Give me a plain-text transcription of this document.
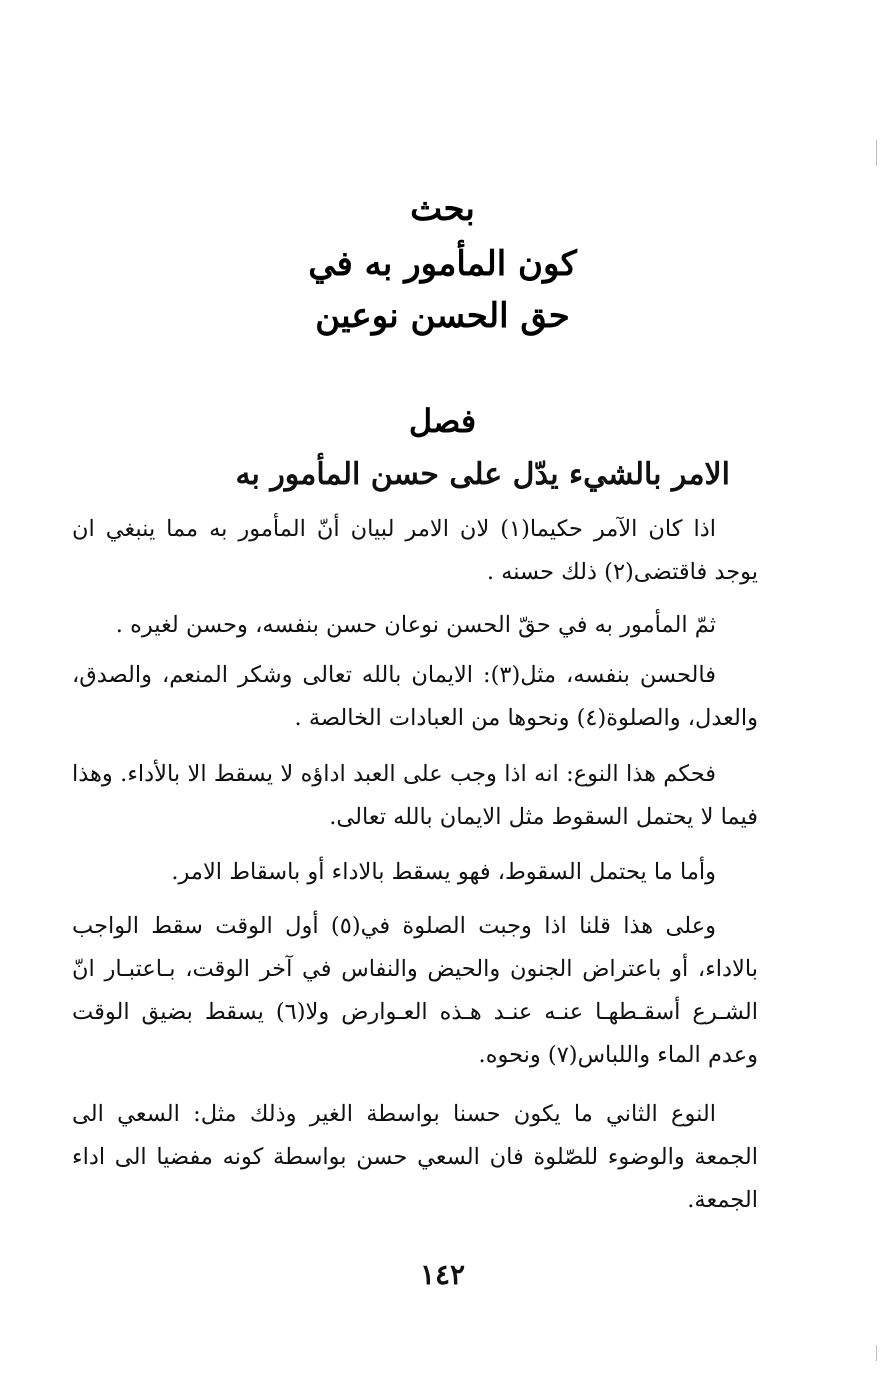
بحث
كون المأمور به في
حق الحسن نوعين
فصل
الامر بالشيء يدّل على حسن المأمور به

اذا كان الآمر حكيما(١) لان الامر لبيان أنّ المأمور به مما ينبغي ان يوجد فاقتضى(٢) ذلك حسنه .

ثمّ المأمور به في حقّ الحسن نوعان حسن بنفسه، وحسن لغيره .

فالحسن بنفسه، مثل(٣): الايمان بالله تعالى وشكر المنعم، والصدق، والعدل، والصلوة(٤) ونحوها من العبادات الخالصة .

فحكم هذا النوع: انه اذا وجب على العبد اداؤه لا يسقط الا بالأداء. وهذا فيما لا يحتمل السقوط مثل الايمان بالله تعالى.

وأما ما يحتمل السقوط، فهو يسقط بالاداء أو باسقاط الامر.

وعلى هذا قلنا اذا وجبت الصلوة في(٥) أول الوقت سقط الواجب بالاداء، أو باعتراض الجنون والحيض والنفاس في آخر الوقت، بـاعتبـار انّ الشـرع أسقـطهـا عنـه عنـد هـذه العـوارض ولا(٦) يسقط بضيق الوقت وعدم الماء واللباس(٧) ونحوه.

النوع الثاني ما يكون حسنا بواسطة الغير وذلك مثل: السعي الى الجمعة والوضوء للصّلوة فان السعي حسن بواسطة كونه مفضيا الى اداء الجمعة.

١٤٢
